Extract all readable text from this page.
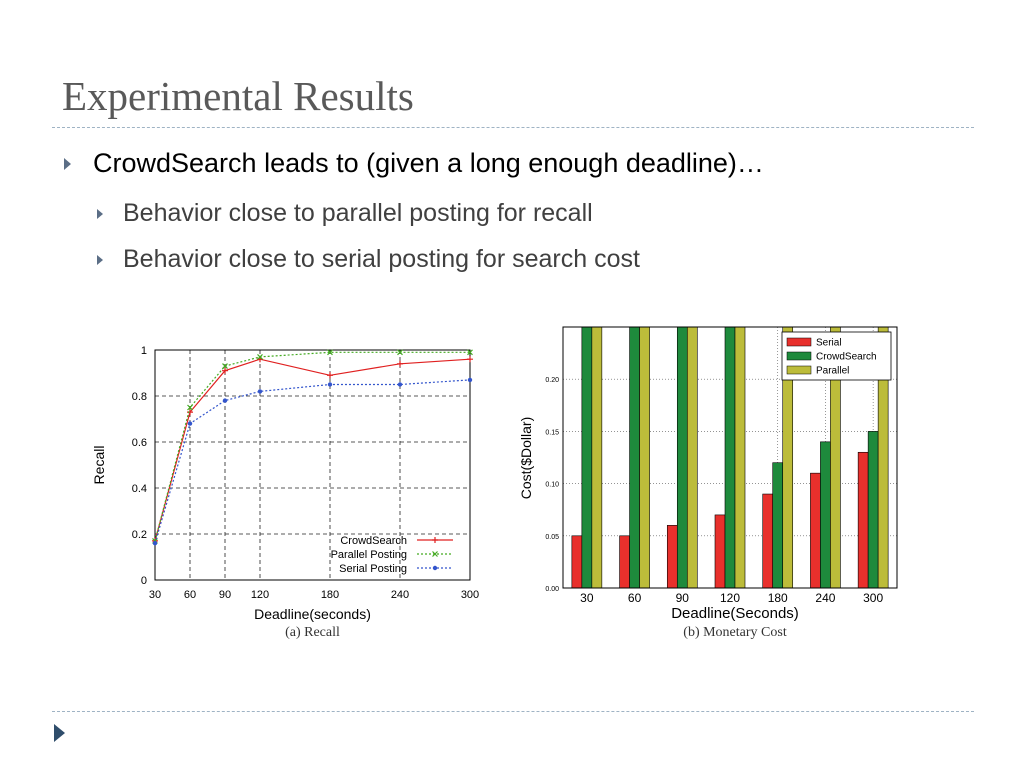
Experimental Results
CrowdSearch leads to (given a long enough deadline)…
Behavior close to parallel posting for recall
Behavior close to serial posting for search cost
0
0.2
0.4
0.6
0.8
1
30 60 90 120	180	240	300
Deadline(seconds)
Recall
(a) Recall
CrowdSearch
Parallel Posting
Serial Posting
30	60	90	120 180 240 300
0.00
0.05
0.10
0.15
0.20
Deadline(Seconds)
Cost($Dollar)
(b) Monetary Cost
Serial
CrowdSearch
Parallel
